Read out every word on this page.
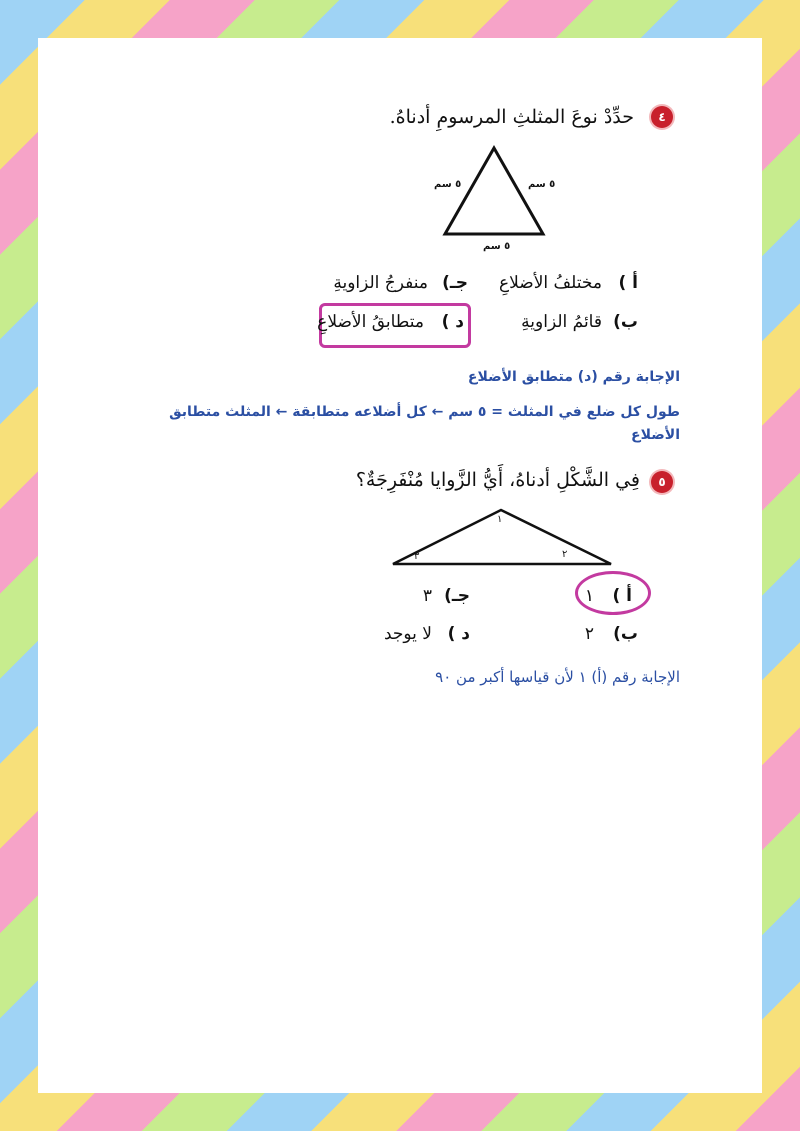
٤
حدِّدْ نوعَ المثلثِ المرسومِ أدناهُ.
٥ سم	٥ سم
٥ سم
أ )
مختلفُ الأضلاعِ
جـ)
منفرجُ الزاويةِ
ب)
قائمُ الزاويةِ
د )
متطابقُ الأضلاعِ
الإجابة رقم (د) متطابق الأضلاع
طول كل ضلع في المثلث = ٥ سم ← كل أضلاعه متطابقة ← المثلث متطابق
الأضلاع
٥
فِي الشَّكْلِ أدناهُ، أَيُّ الزَّوايا مُنْفَرِجَةٌ؟
١
٢
٣
أ )
١
جـ)
٣
ب)
٢
د )
لا يوجد
الإجابة رقم (أ) ١ لأن قياسها أكبر من ٩٠
